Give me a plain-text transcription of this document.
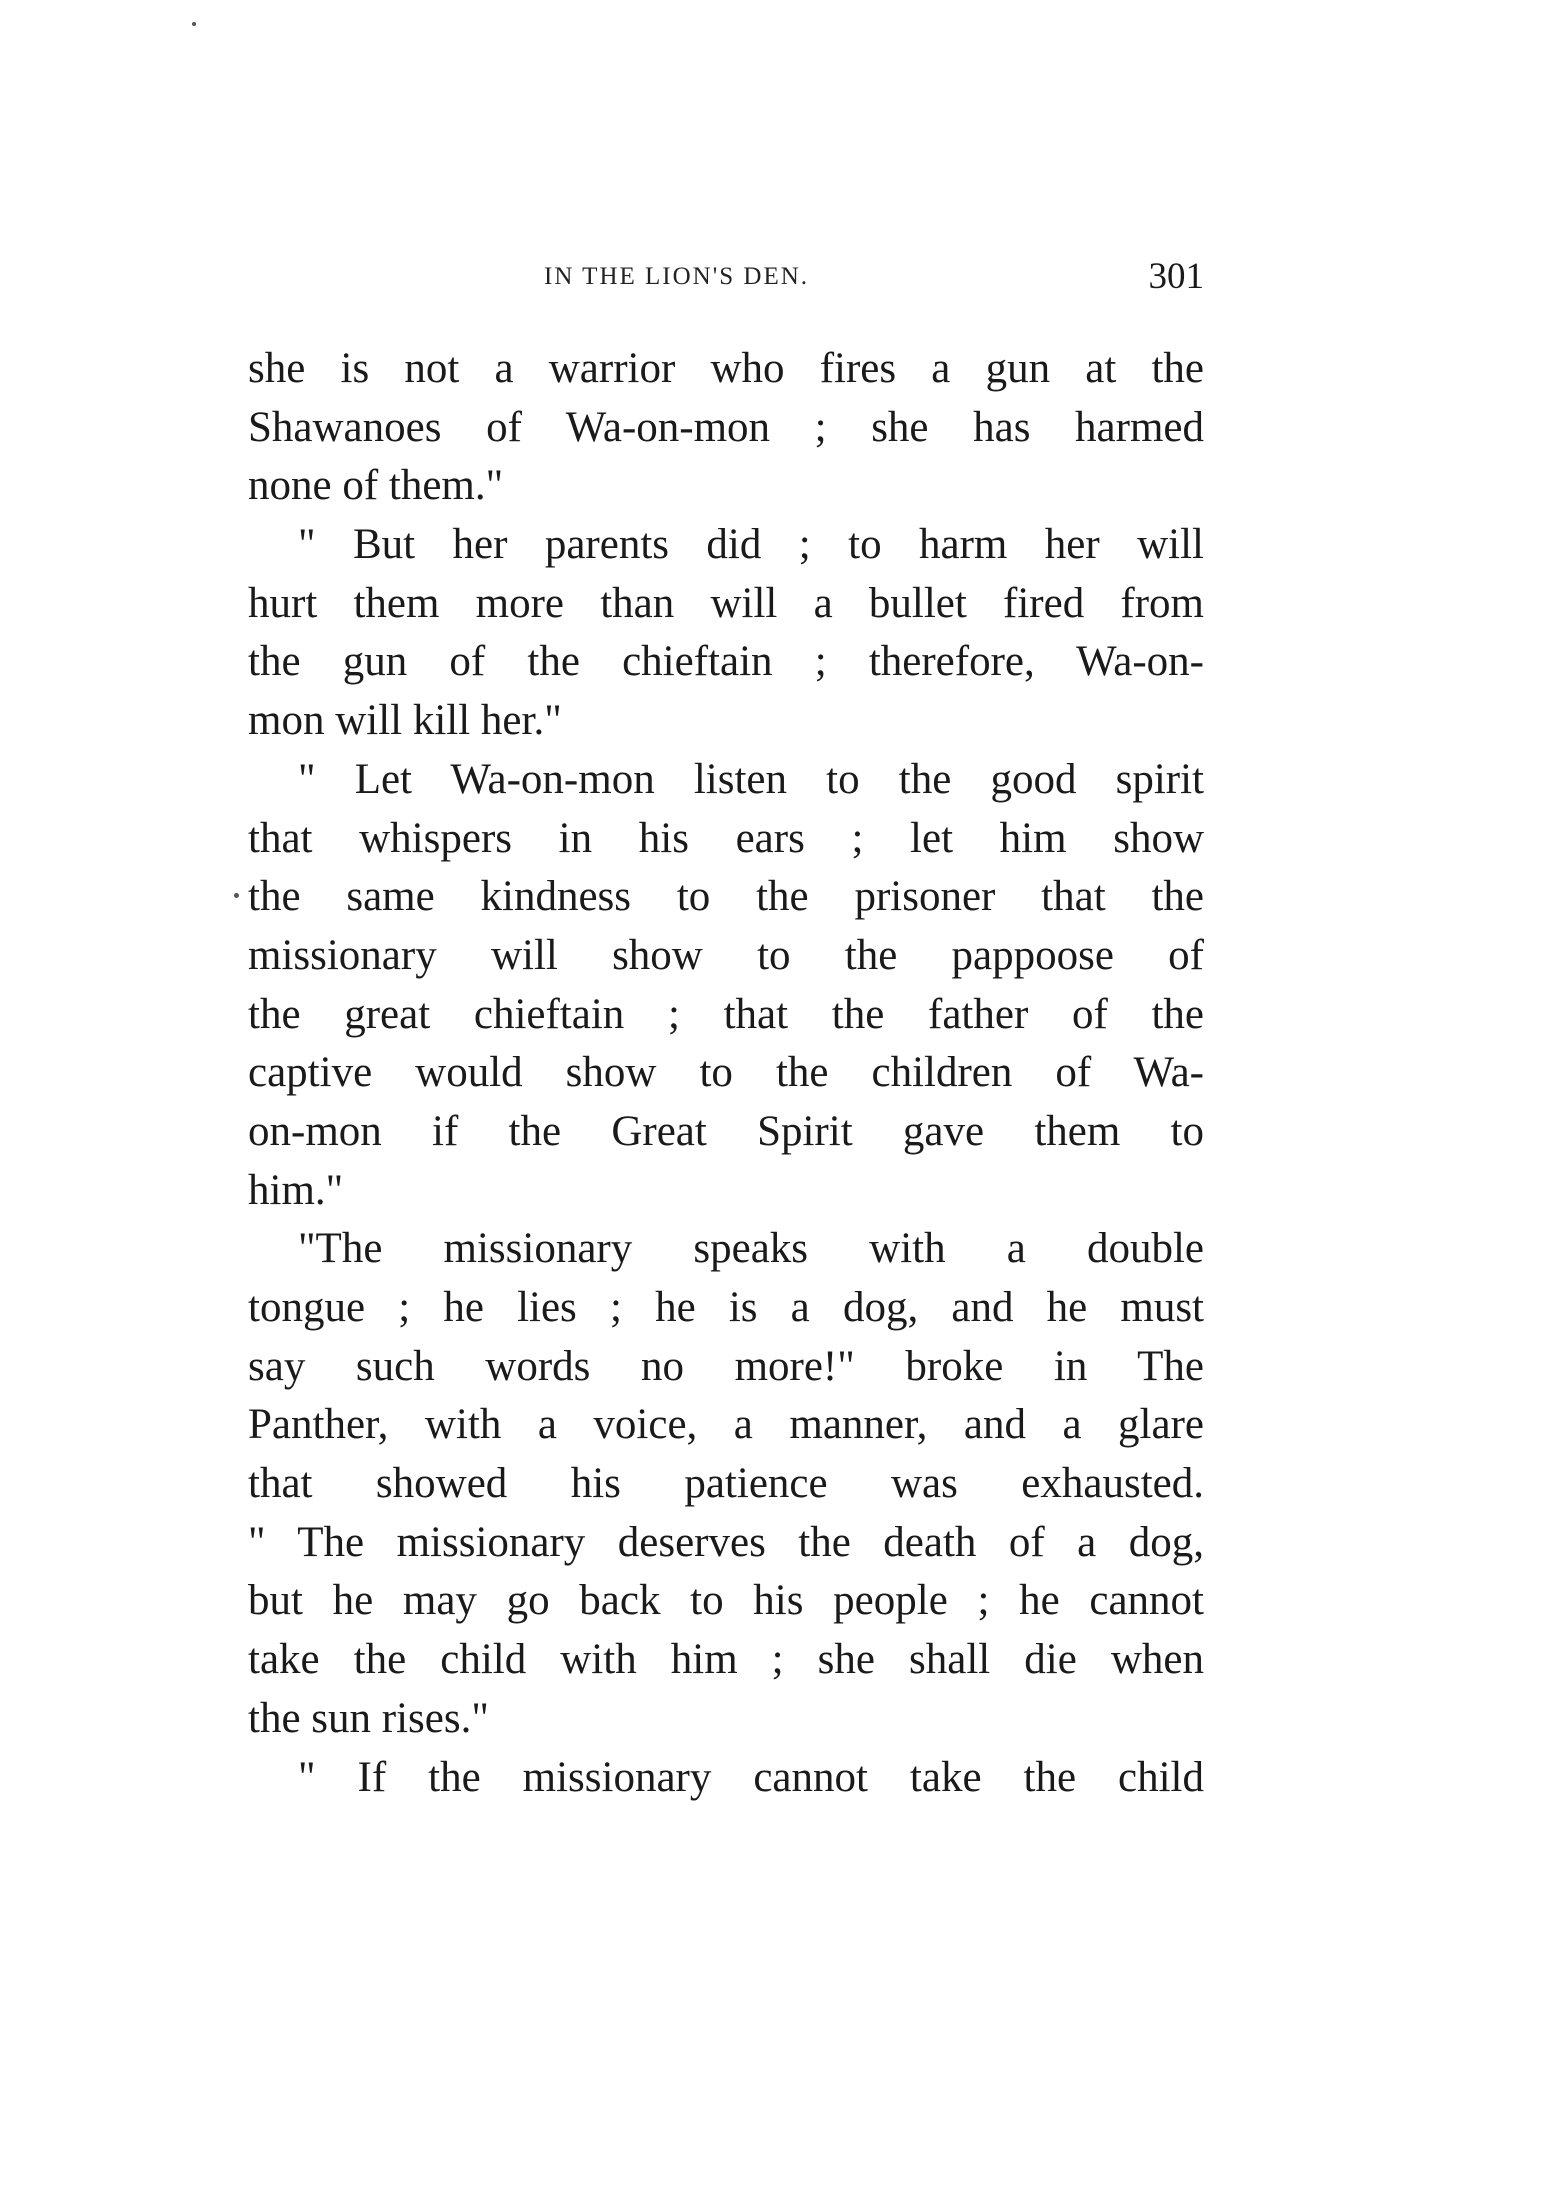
IN THE LION'S DEN.	301
she is not a warrior who fires a gun at the
Shawanoes of Wa-on-mon ; she has harmed
none of them."
" But her parents did ; to harm her will
hurt them more than will a bullet fired from
the gun of the chieftain ; therefore, Wa-on-
mon will kill her."
" Let Wa-on-mon listen to the good spirit
that whispers in his ears ; let him show
the same kindness to the prisoner that the
missionary will show to the pappoose of
the great chieftain ; that the father of the
captive would show to the children of Wa-
on-mon if the Great Spirit gave them to
him."
"The missionary speaks with a double
tongue ; he lies ; he is a dog, and he must
say such words no more!" broke in The
Panther, with a voice, a manner, and a glare
that showed his patience was exhausted.
" The missionary deserves the death of a dog,
but he may go back to his people ; he cannot
take the child with him ; she shall die when
the sun rises."
" If the missionary cannot take the child
